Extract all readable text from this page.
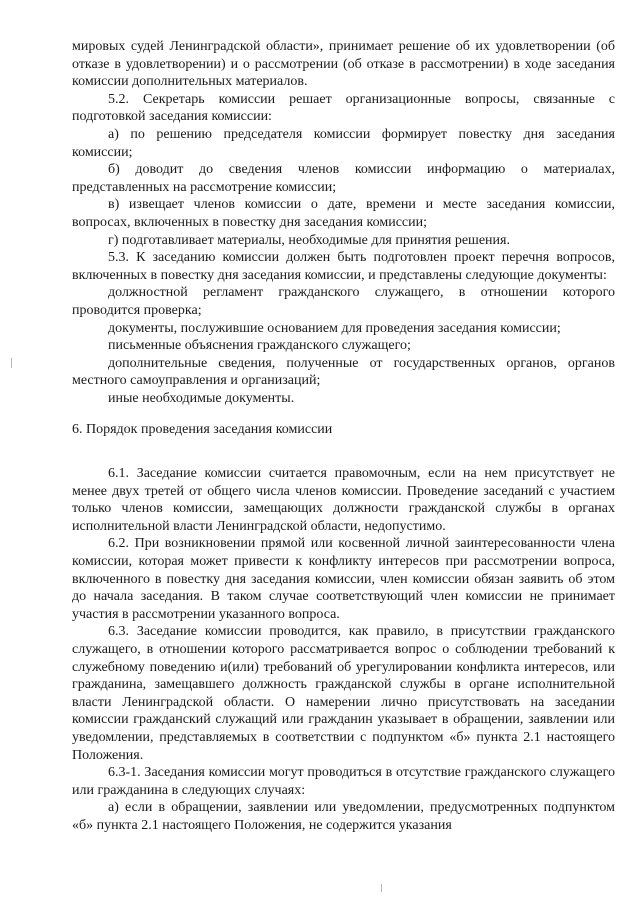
мировых судей Ленинградской области», принимает решение об их удовлетворении (об отказе в удовлетворении) и о рассмотрении (об отказе в рассмотрении) в ходе заседания комиссии дополнительных материалов.

5.2. Секретарь комиссии решает организационные вопросы, связанные с подготовкой заседания комиссии:

а) по решению председателя комиссии формирует повестку дня заседания комиссии;

б) доводит до сведения членов комиссии информацию о материалах, представленных на рассмотрение комиссии;

в) извещает членов комиссии о дате, времени и месте заседания комиссии, вопросах, включенных в повестку дня заседания комиссии;

г) подготавливает материалы, необходимые для принятия решения.

5.3. К заседанию комиссии должен быть подготовлен проект перечня вопросов, включенных в повестку дня заседания комиссии, и представлены следующие документы:

должностной регламент гражданского служащего, в отношении которого проводится проверка;

документы, послужившие основанием для проведения заседания комиссии;

письменные объяснения гражданского служащего;

дополнительные сведения, полученные от государственных органов, органов местного самоуправления и организаций;

иные необходимые документы.

6. Порядок проведения заседания комиссии

6.1. Заседание комиссии считается правомочным, если на нем присутствует не менее двух третей от общего числа членов комиссии. Проведение заседаний с участием только членов комиссии, замещающих должности гражданской службы в органах исполнительной власти Ленинградской области, недопустимо.

6.2. При возникновении прямой или косвенной личной заинтересованности члена комиссии, которая может привести к конфликту интересов при рассмотрении вопроса, включенного в повестку дня заседания комиссии, член комиссии обязан заявить об этом до начала заседания. В таком случае соответствующий член комиссии не принимает участия в рассмотрении указанного вопроса.

6.3. Заседание комиссии проводится, как правило, в присутствии гражданского служащего, в отношении которого рассматривается вопрос о соблюдении требований к служебному поведению и(или) требований об урегулировании конфликта интересов, или гражданина, замещавшего должность гражданской службы в органе исполнительной власти Ленинградской области. О намерении лично присутствовать на заседании комиссии гражданский служащий или гражданин указывает в обращении, заявлении или уведомлении, представляемых в соответствии с подпунктом «б» пункта 2.1 настоящего Положения.

6.3-1. Заседания комиссии могут проводиться в отсутствие гражданского служащего или гражданина в следующих случаях:

а) если в обращении, заявлении или уведомлении, предусмотренных подпунктом «б» пункта 2.1 настоящего Положения, не содержится указания
